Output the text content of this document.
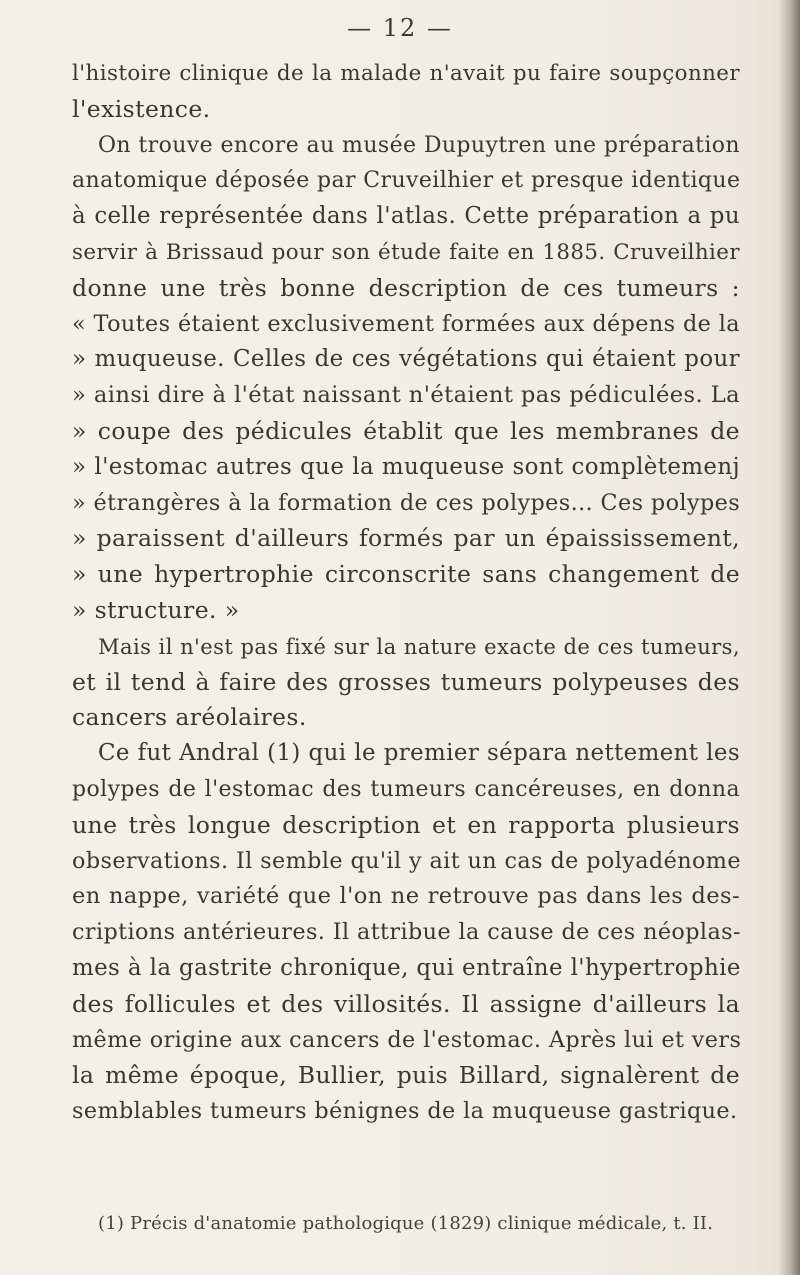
— 12 —
l'histoire clinique de la malade n'avait pu faire soupçonner
l'existence.
On trouve encore au musée Dupuytren une préparation
anatomique déposée par Cruveilhier et presque identique
à celle représentée dans l'atlas. Cette préparation a pu
servir à Brissaud pour son étude faite en 1885. Cruveilhier
donne une très bonne description de ces tumeurs :
« Toutes étaient exclusivement formées aux dépens de la
» muqueuse. Celles de ces végétations qui étaient pour
» ainsi dire à l'état naissant n'étaient pas pédiculées. La
» coupe des pédicules établit que les membranes de
» l'estomac autres que la muqueuse sont complètemenj
» étrangères à la formation de ces polypes... Ces polypes
» paraissent d'ailleurs formés par un épaississement,
» une hypertrophie circonscrite sans changement de
» structure. »
Mais il n'est pas fixé sur la nature exacte de ces tumeurs,
et il tend à faire des grosses tumeurs polypeuses des
cancers aréolaires.
Ce fut Andral (1) qui le premier sépara nettement les
polypes de l'estomac des tumeurs cancéreuses, en donna
une très longue description et en rapporta plusieurs
observations. Il semble qu'il y ait un cas de polyadénome
en nappe, variété que l'on ne retrouve pas dans les des-
criptions antérieures. Il attribue la cause de ces néoplas-
mes à la gastrite chronique, qui entraîne l'hypertrophie
des follicules et des villosités. Il assigne d'ailleurs la
même origine aux cancers de l'estomac. Après lui et vers
la même époque, Bullier, puis Billard, signalèrent de
semblables tumeurs bénignes de la muqueuse gastrique.
(1) Précis d'anatomie pathologique (1829) clinique médicale, t. II.
